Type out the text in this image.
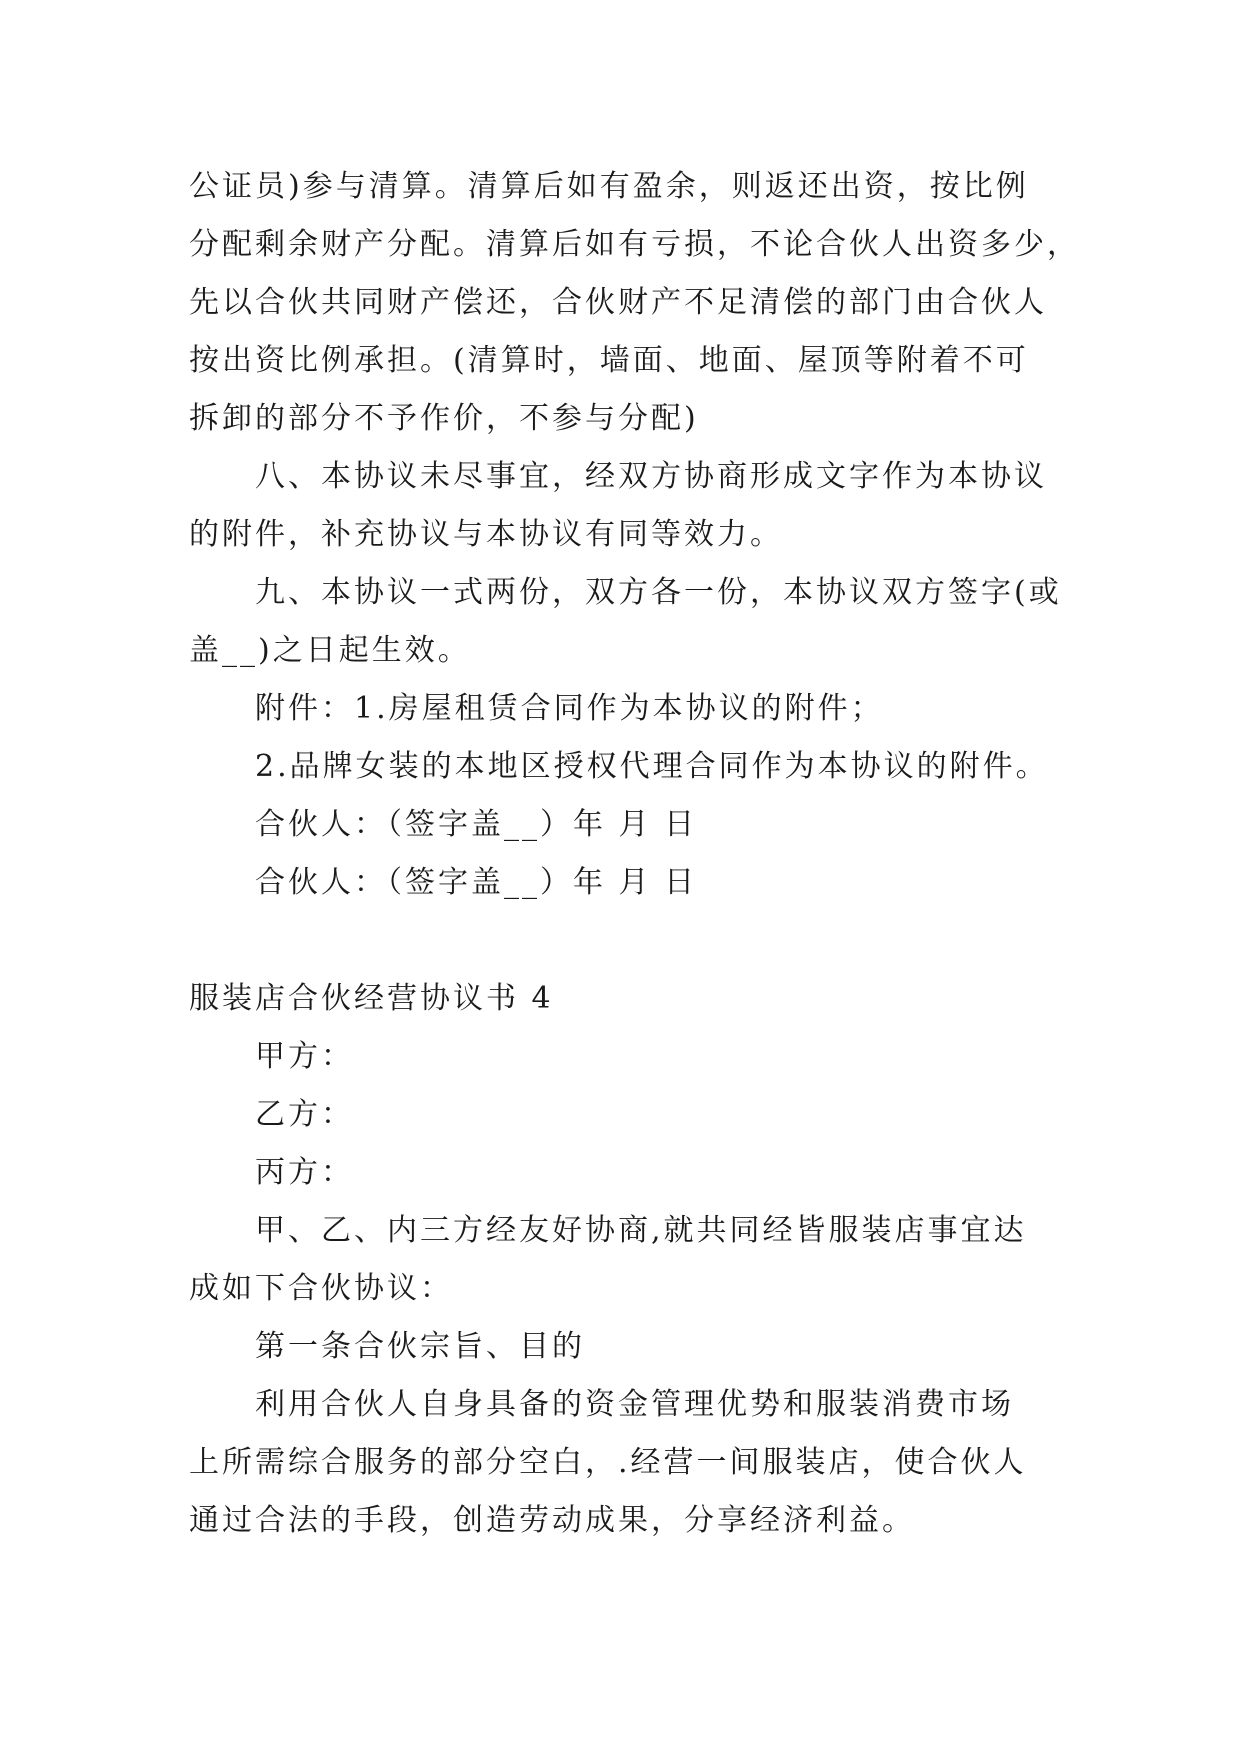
公证员)参与清算。清算后如有盈余，则返还出资，按比例

分配剩余财产分配。清算后如有亏损，不论合伙人出资多少，

先以合伙共同财产偿还，合伙财产不足清偿的部门由合伙人

按出资比例承担。(清算时，墙面、地面、屋顶等附着不可

拆卸的部分不予作价，不参与分配)

八、本协议未尽事宜，经双方协商形成文字作为本协议

的附件，补充协议与本协议有同等效力。

九、本协议一式两份，双方各一份，本协议双方签字(或

盖__)之日起生效。

附件：1.房屋租赁合同作为本协议的附件；

2.品牌女装的本地区授权代理合同作为本协议的附件。

合伙人：（签字盖__）年 月 日

合伙人：（签字盖__）年 月 日

服装店合伙经营协议书 4

甲方：

乙方：

丙方：

甲、乙、内三方经友好协商,就共同经皆服装店事宜达

成如下合伙协议：

第一条合伙宗旨、目的

利用合伙人自身具备的资金管理优势和服装消费市场

上所需综合服务的部分空白，.经营一间服装店，使合伙人

通过合法的手段，创造劳动成果，分享经济利益。
